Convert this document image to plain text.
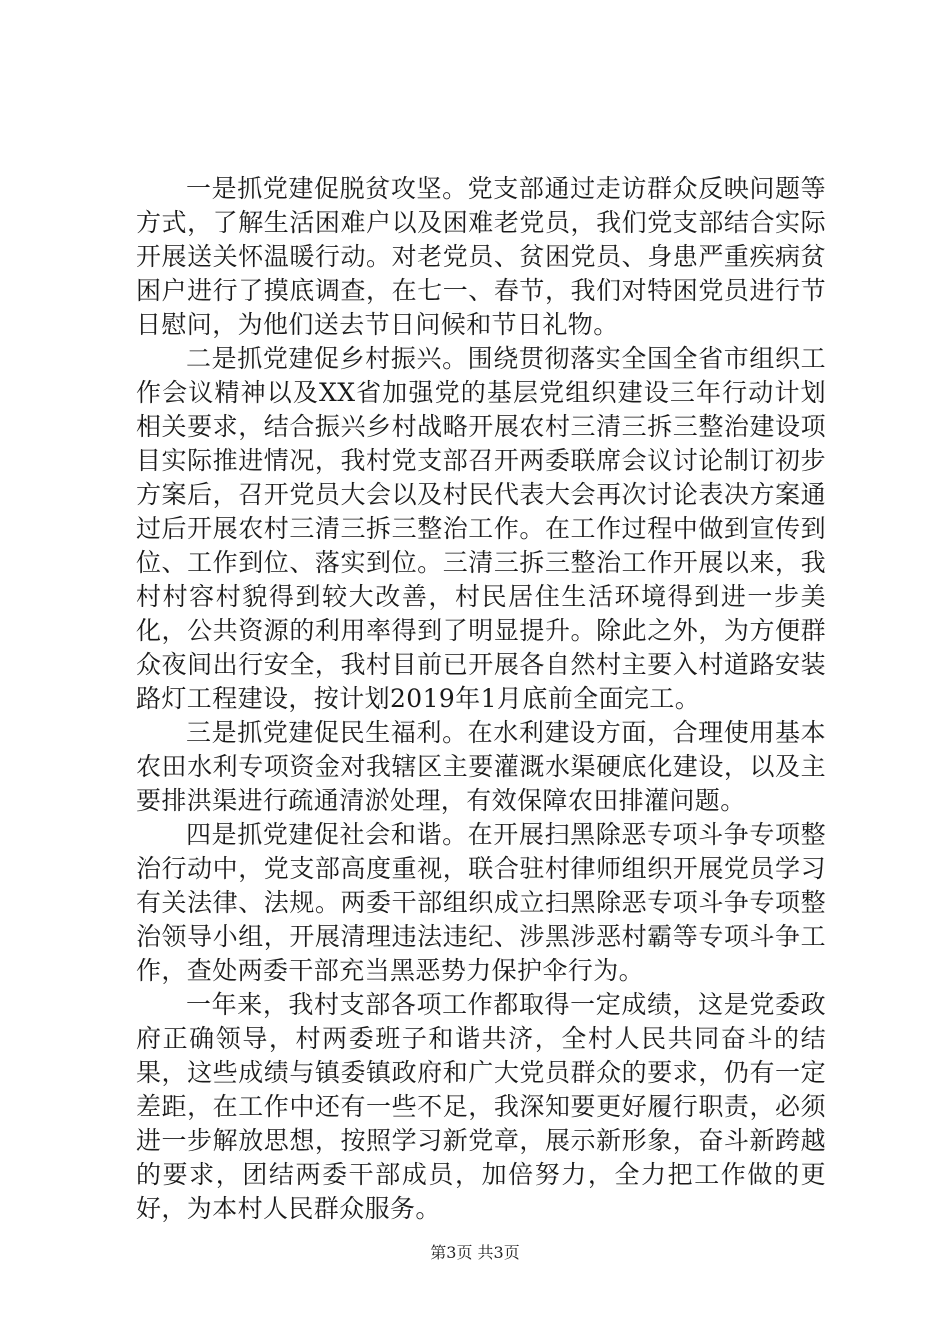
一是抓党建促脱贫攻坚。党支部通过走访群众反映问题等方式，了解生活困难户以及困难老党员，我们党支部结合实际开展送关怀温暖行动。对老党员、贫困党员、身患严重疾病贫困户进行了摸底调查，在七一、春节，我们对特困党员进行节日慰问，为他们送去节日问候和节日礼物。

二是抓党建促乡村振兴。围绕贯彻落实全国全省市组织工作会议精神以及XX省加强党的基层党组织建设三年行动计划相关要求，结合振兴乡村战略开展农村三清三拆三整治建设项目实际推进情况，我村党支部召开两委联席会议讨论制订初步方案后，召开党员大会以及村民代表大会再次讨论表决方案通过后开展农村三清三拆三整治工作。在工作过程中做到宣传到位、工作到位、落实到位。三清三拆三整治工作开展以来，我村村容村貌得到较大改善，村民居住生活环境得到进一步美化，公共资源的利用率得到了明显提升。除此之外，为方便群众夜间出行安全，我村目前已开展各自然村主要入村道路安装路灯工程建设，按计划2019年1月底前全面完工。

三是抓党建促民生福利。在水利建设方面，合理使用基本农田水利专项资金对我辖区主要灌溉水渠硬底化建设，以及主要排洪渠进行疏通清淤处理，有效保障农田排灌问题。

四是抓党建促社会和谐。在开展扫黑除恶专项斗争专项整治行动中，党支部高度重视，联合驻村律师组织开展党员学习有关法律、法规。两委干部组织成立扫黑除恶专项斗争专项整治领导小组，开展清理违法违纪、涉黑涉恶村霸等专项斗争工作，查处两委干部充当黑恶势力保护伞行为。

一年来，我村支部各项工作都取得一定成绩，这是党委政府正确领导，村两委班子和谐共济，全村人民共同奋斗的结果，这些成绩与镇委镇政府和广大党员群众的要求，仍有一定差距，在工作中还有一些不足，我深知要更好履行职责，必须进一步解放思想，按照学习新党章，展示新形象，奋斗新跨越的要求，团结两委干部成员，加倍努力，全力把工作做的更好，为本村人民群众服务。

第3页 共3页
